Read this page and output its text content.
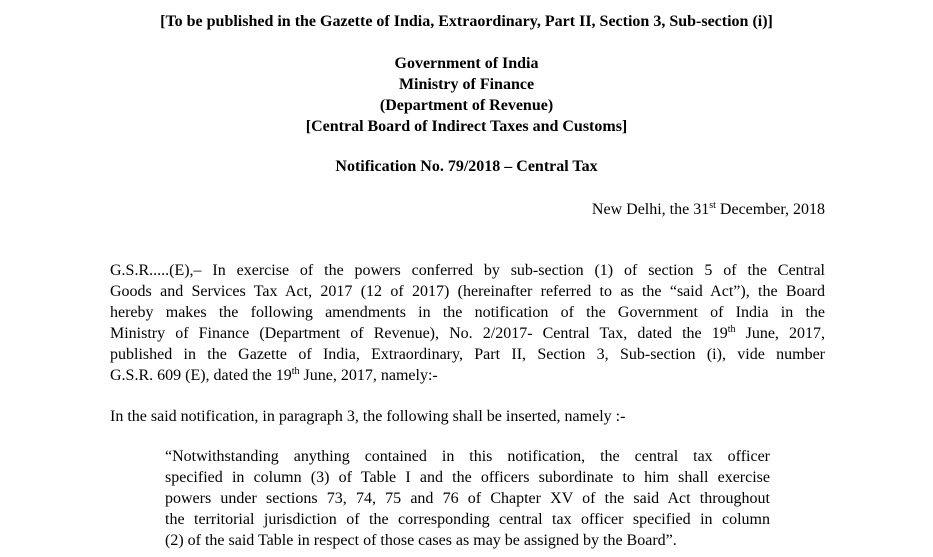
[To be published in the Gazette of India, Extraordinary, Part II, Section 3, Sub-section (i)]
Government of India
Ministry of Finance
(Department of Revenue)
[Central Board of Indirect Taxes and Customs]
Notification No. 79/2018 – Central Tax
New Delhi, the 31st December, 2018
G.S.R.....(E),– In exercise of the powers conferred by sub-section (1) of section 5 of the Central
Goods and Services Tax Act, 2017 (12 of 2017) (hereinafter referred to as the “said Act”), the Board
hereby makes the following amendments in the notification of the Government of India in the
Ministry of Finance (Department of Revenue), No. 2/2017- Central Tax, dated the 19th June, 2017,
published in the Gazette of India, Extraordinary, Part II, Section 3, Sub-section (i), vide number
G.S.R. 609 (E), dated the 19th June, 2017, namely:-
In the said notification, in paragraph 3, the following shall be inserted, namely :-
“Notwithstanding anything contained in this notification, the central tax officer
specified in column (3) of Table I and the officers subordinate to him shall exercise
powers under sections 73, 74, 75 and 76 of Chapter XV of the said Act throughout
the territorial jurisdiction of the corresponding central tax officer specified in column
(2) of the said Table in respect of those cases as may be assigned by the Board”.
